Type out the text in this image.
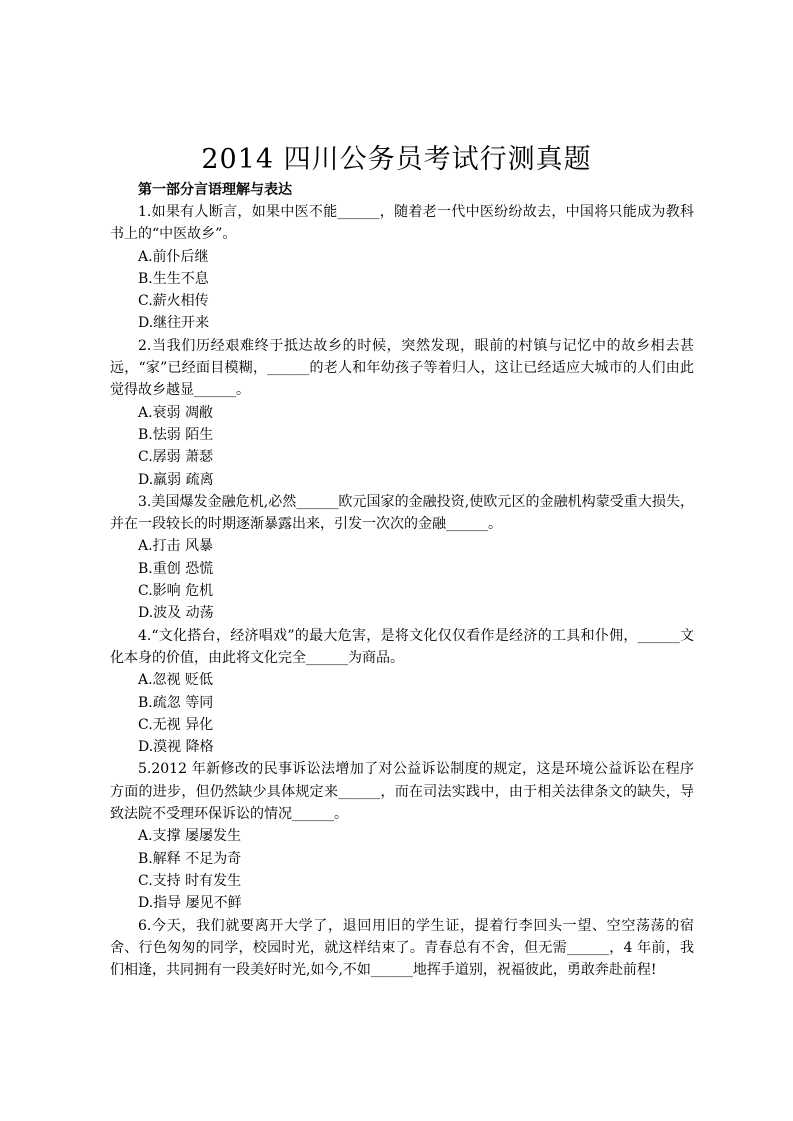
2014 四川公务员考试行测真题
第一部分言语理解与表达

1.如果有人断言，如果中医不能______，随着老一代中医纷纷故去，中国将只能成为教科书上的“中医故乡”。

A.前仆后继

B.生生不息

C.薪火相传

D.继往开来

2.当我们历经艰难终于抵达故乡的时候，突然发现，眼前的村镇与记忆中的故乡相去甚远，“家”已经面目模糊，______的老人和年幼孩子等着归人，这让已经适应大城市的人们由此觉得故乡越显______。

A.衰弱 凋敝

B.怯弱 陌生

C.孱弱 萧瑟

D.羸弱 疏离

3.美国爆发金融危机,必然______欧元国家的金融投资,使欧元区的金融机构蒙受重大损失，并在一段较长的时期逐渐暴露出来，引发一次次的金融______。

A.打击 风暴

B.重创 恐慌

C.影响 危机

D.波及 动荡

4.“文化搭台，经济唱戏”的最大危害，是将文化仅仅看作是经济的工具和仆佣，______文化本身的价值，由此将文化完全______为商品。

A.忽视 贬低

B.疏忽 等同

C.无视 异化

D.漠视 降格

5.2012 年新修改的民事诉讼法增加了对公益诉讼制度的规定，这是环境公益诉讼在程序方面的进步，但仍然缺少具体规定来______，而在司法实践中，由于相关法律条文的缺失，导致法院不受理环保诉讼的情况______。

A.支撑 屡屡发生

B.解释 不足为奇

C.支持 时有发生

D.指导 屡见不鲜

6.今天，我们就要离开大学了，退回用旧的学生证，提着行李回头一望、空空荡荡的宿舍、行色匆匆的同学，校园时光，就这样结束了。青春总有不舍，但无需______，4 年前，我们相逢，共同拥有一段美好时光,如今,不如______地挥手道别，祝福彼此，勇敢奔赴前程!
